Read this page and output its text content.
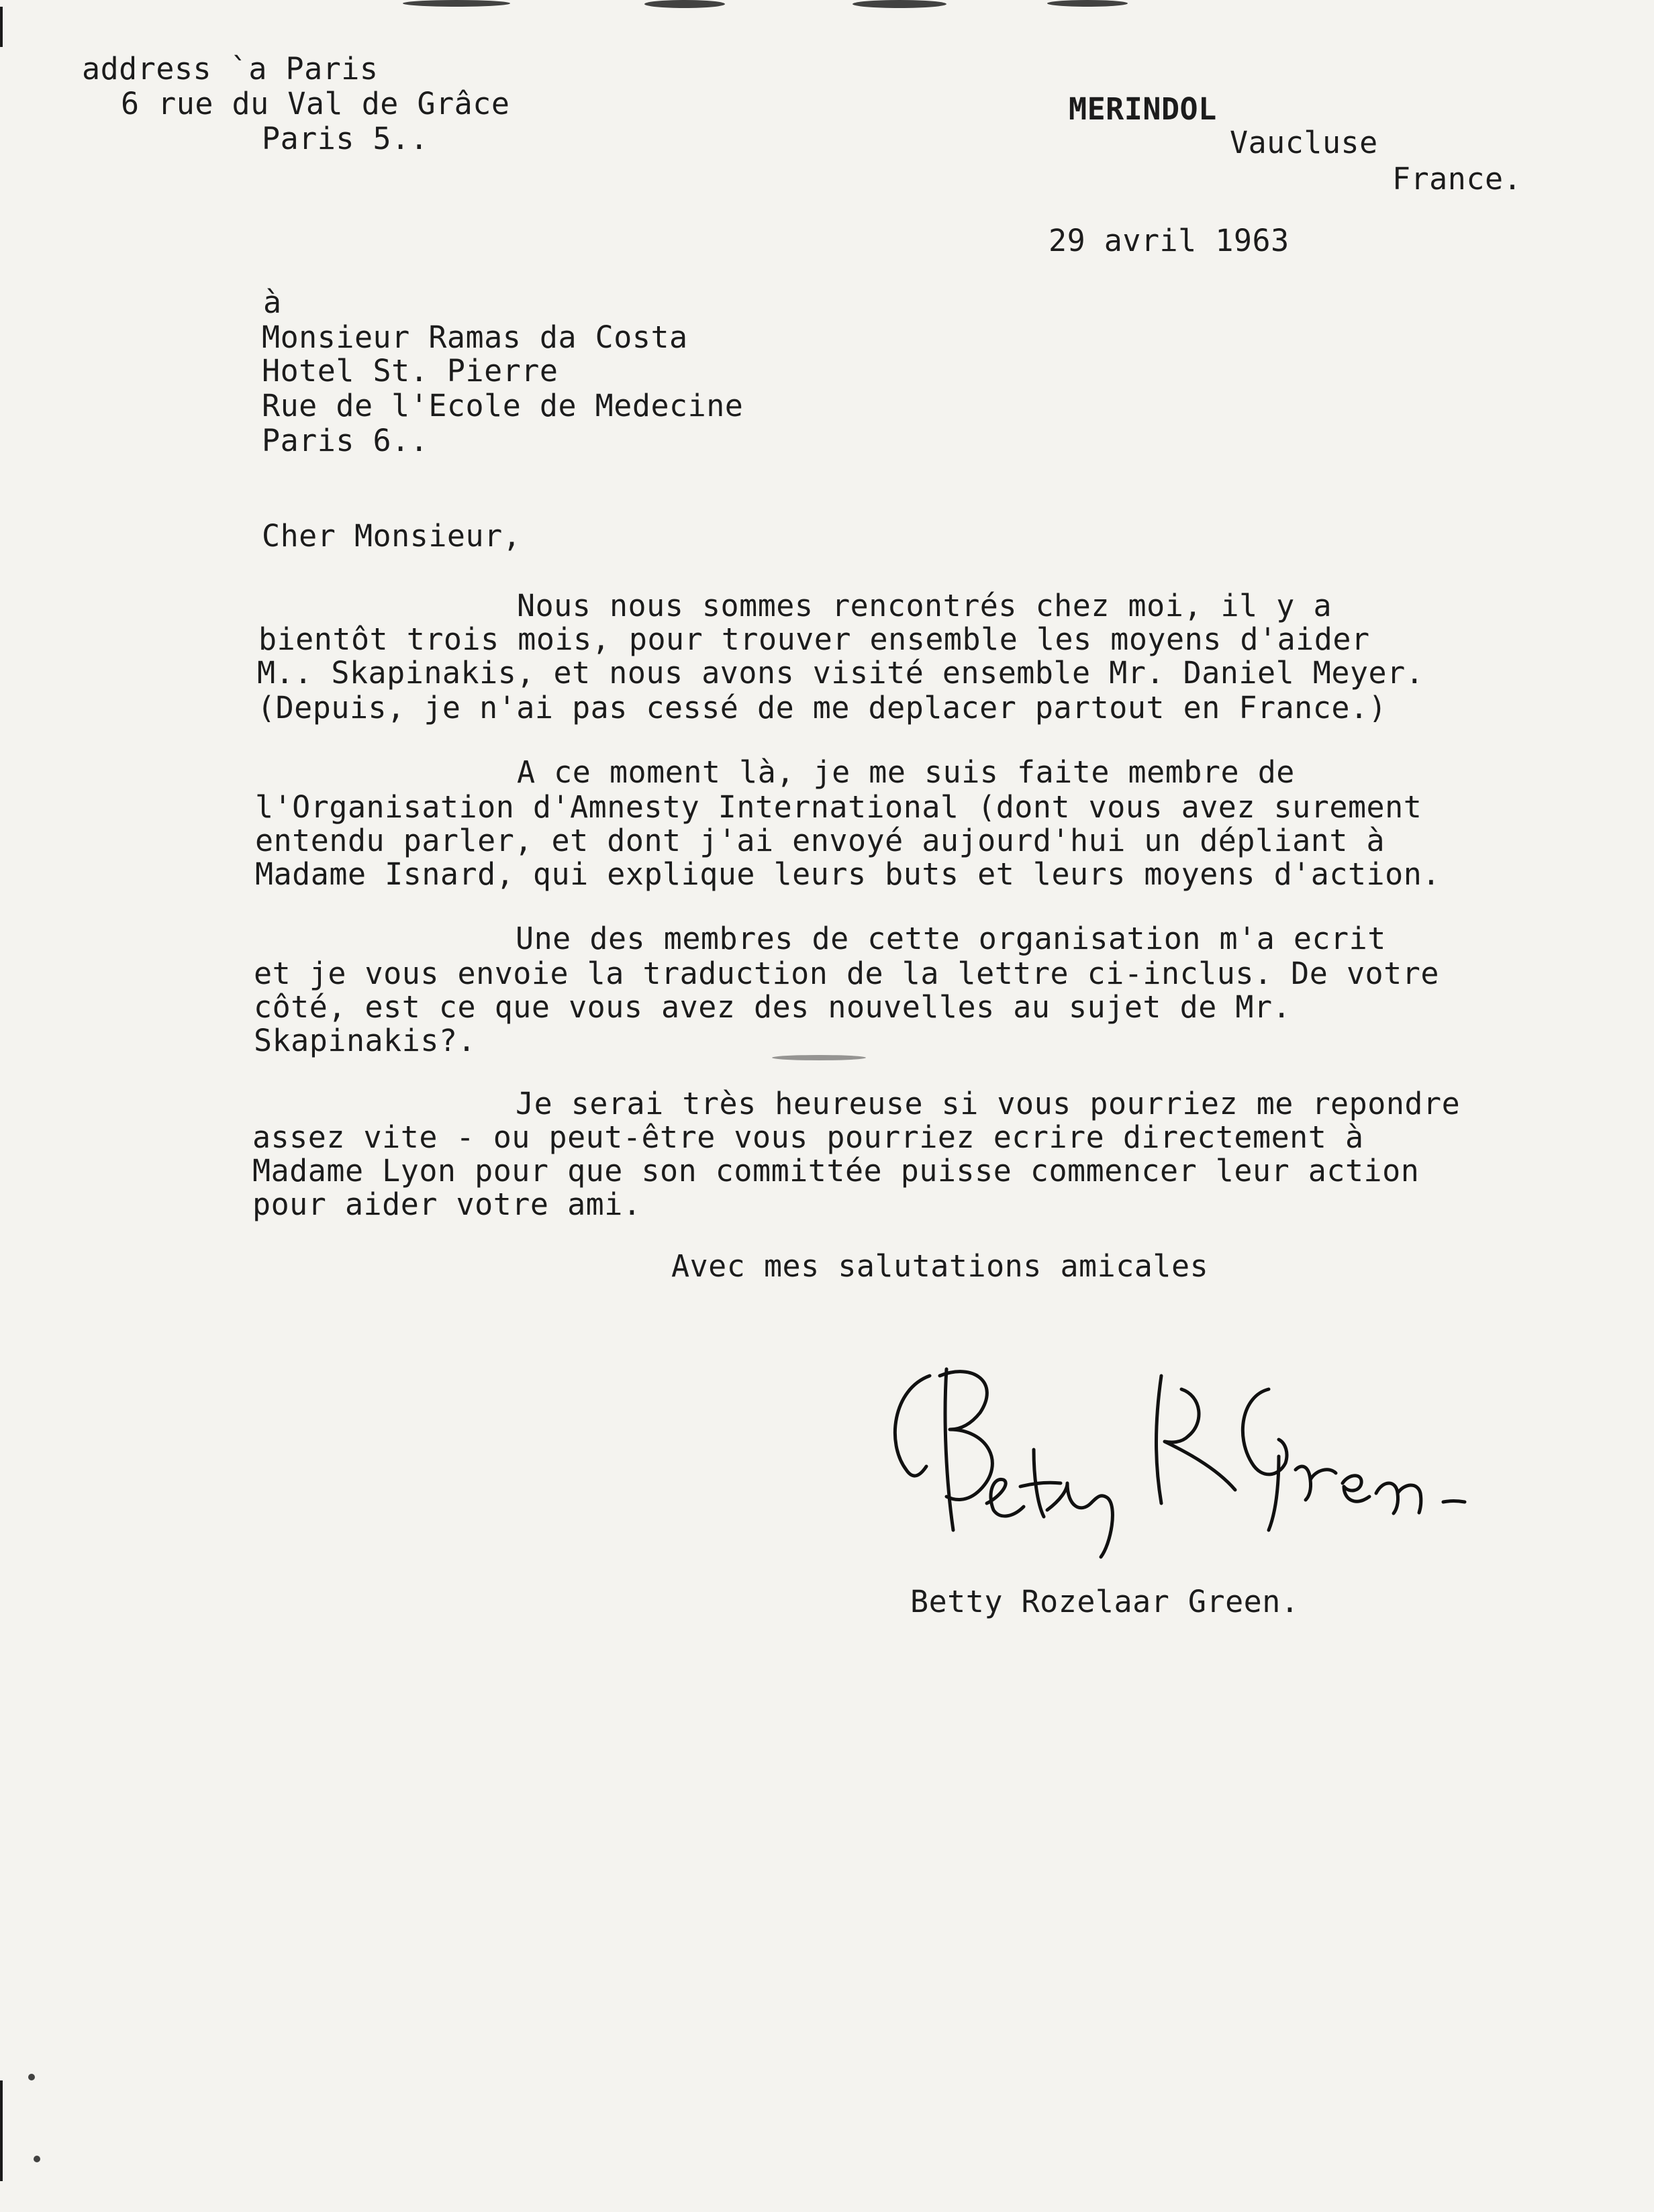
address `a Paris
6 rue du Val de Grâce
Paris 5..
MERINDOL
Vaucluse
France.
29 avril 1963
à
Monsieur Ramas da Costa
Hotel St. Pierre
Rue de l'Ecole de Medecine
Paris 6..
Cher Monsieur,
Nous nous sommes rencontrés chez moi, il y a
bientôt trois mois, pour trouver ensemble les moyens d'aider
M.. Skapinakis, et nous avons visité ensemble Mr. Daniel Meyer.
(Depuis, je n'ai pas cessé de me deplacer partout en France.)
A ce moment là, je me suis faite membre de
l'Organisation d'Amnesty International (dont vous avez surement
entendu parler, et dont j'ai envoyé aujourd'hui un dépliant à
Madame Isnard, qui explique leurs buts et leurs moyens d'action.
Une des membres de cette organisation m'a ecrit
et je vous envoie la traduction de la lettre ci-inclus. De votre
côté, est ce que vous avez des nouvelles au sujet de Mr.
Skapinakis?.
Je serai très heureuse si vous pourriez me repondre
assez vite - ou peut-être vous pourriez ecrire directement à
Madame Lyon pour que son committée puisse commencer leur action
pour aider votre ami.
Avec mes salutations amicales
Betty Rozelaar Green.
